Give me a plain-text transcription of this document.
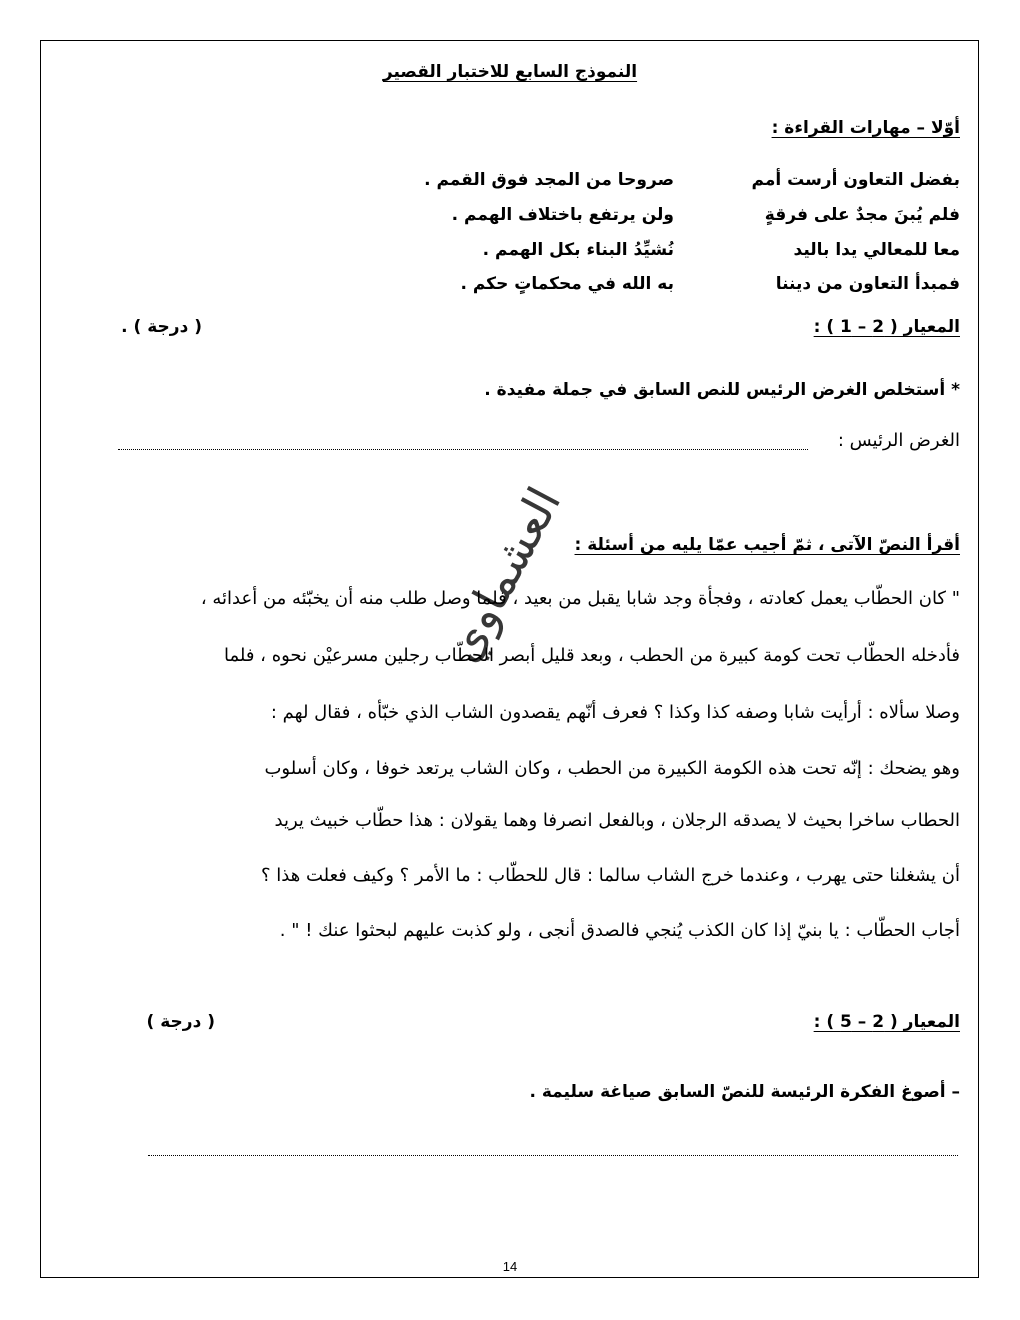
النموذج السابع للاختبار القصير
أوّلا – مهارات القراءة :
بفضل التعاون أرست أمم
صروحا من المجد فوق القمم .
فلم يُبنَ مجدٌ على فرقةٍ
ولن يرتفع باختلاف الهمم .
معا للمعالي يدا باليد
نُشيِّدُ البناء بكل الهمم .
فمبدأ التعاون من ديننا
به الله في محكماتٍ حكم .
المعيار ( 2 – 1 ) :
( درجة ) .
* أستخلص الغرض الرئيس للنص السابق في جملة مفيدة .
الغرض الرئيس :
أقرأ النصّ الآتى ، ثمّ أجيب عمّا يليه من أسئلة :
" كان الحطّاب يعمل كعادته ، وفجأة وجد شابا يقبل من بعيد ، فلما وصل طلب منه أن يخبّئه من أعدائه ،
فأدخله الحطّاب تحت كومة كبيرة من الحطب ، وبعد قليل أبصر الحطّاب رجلين مسرعيْن نحوه ، فلما
وصلا سألاه : أرأيت شابا وصفه كذا وكذا ؟ فعرف أنّهم يقصدون الشاب الذي خبّأه ، فقال لهم :
وهو يضحك : إنّه تحت هذه الكومة الكبيرة من الحطب ، وكان الشاب يرتعد خوفا ، وكان أسلوب
الحطاب ساخرا بحيث لا يصدقه الرجلان ، وبالفعل انصرفا وهما يقولان : هذا حطّاب خبيث يريد
أن يشغلنا حتى يهرب ، وعندما خرج الشاب سالما : قال للحطّاب : ما الأمر ؟ وكيف فعلت هذا ؟
أجاب الحطّاب : يا بنيّ إذا كان الكذب يُنجي فالصدق أنجى ، ولو كذبت عليهم لبحثوا عنك ! " .
المعيار ( 2 – 5 ) :
( درجة )
– أصوغ الفكرة الرئيسة للنصّ السابق صياغة سليمة .
العشماوي
14
